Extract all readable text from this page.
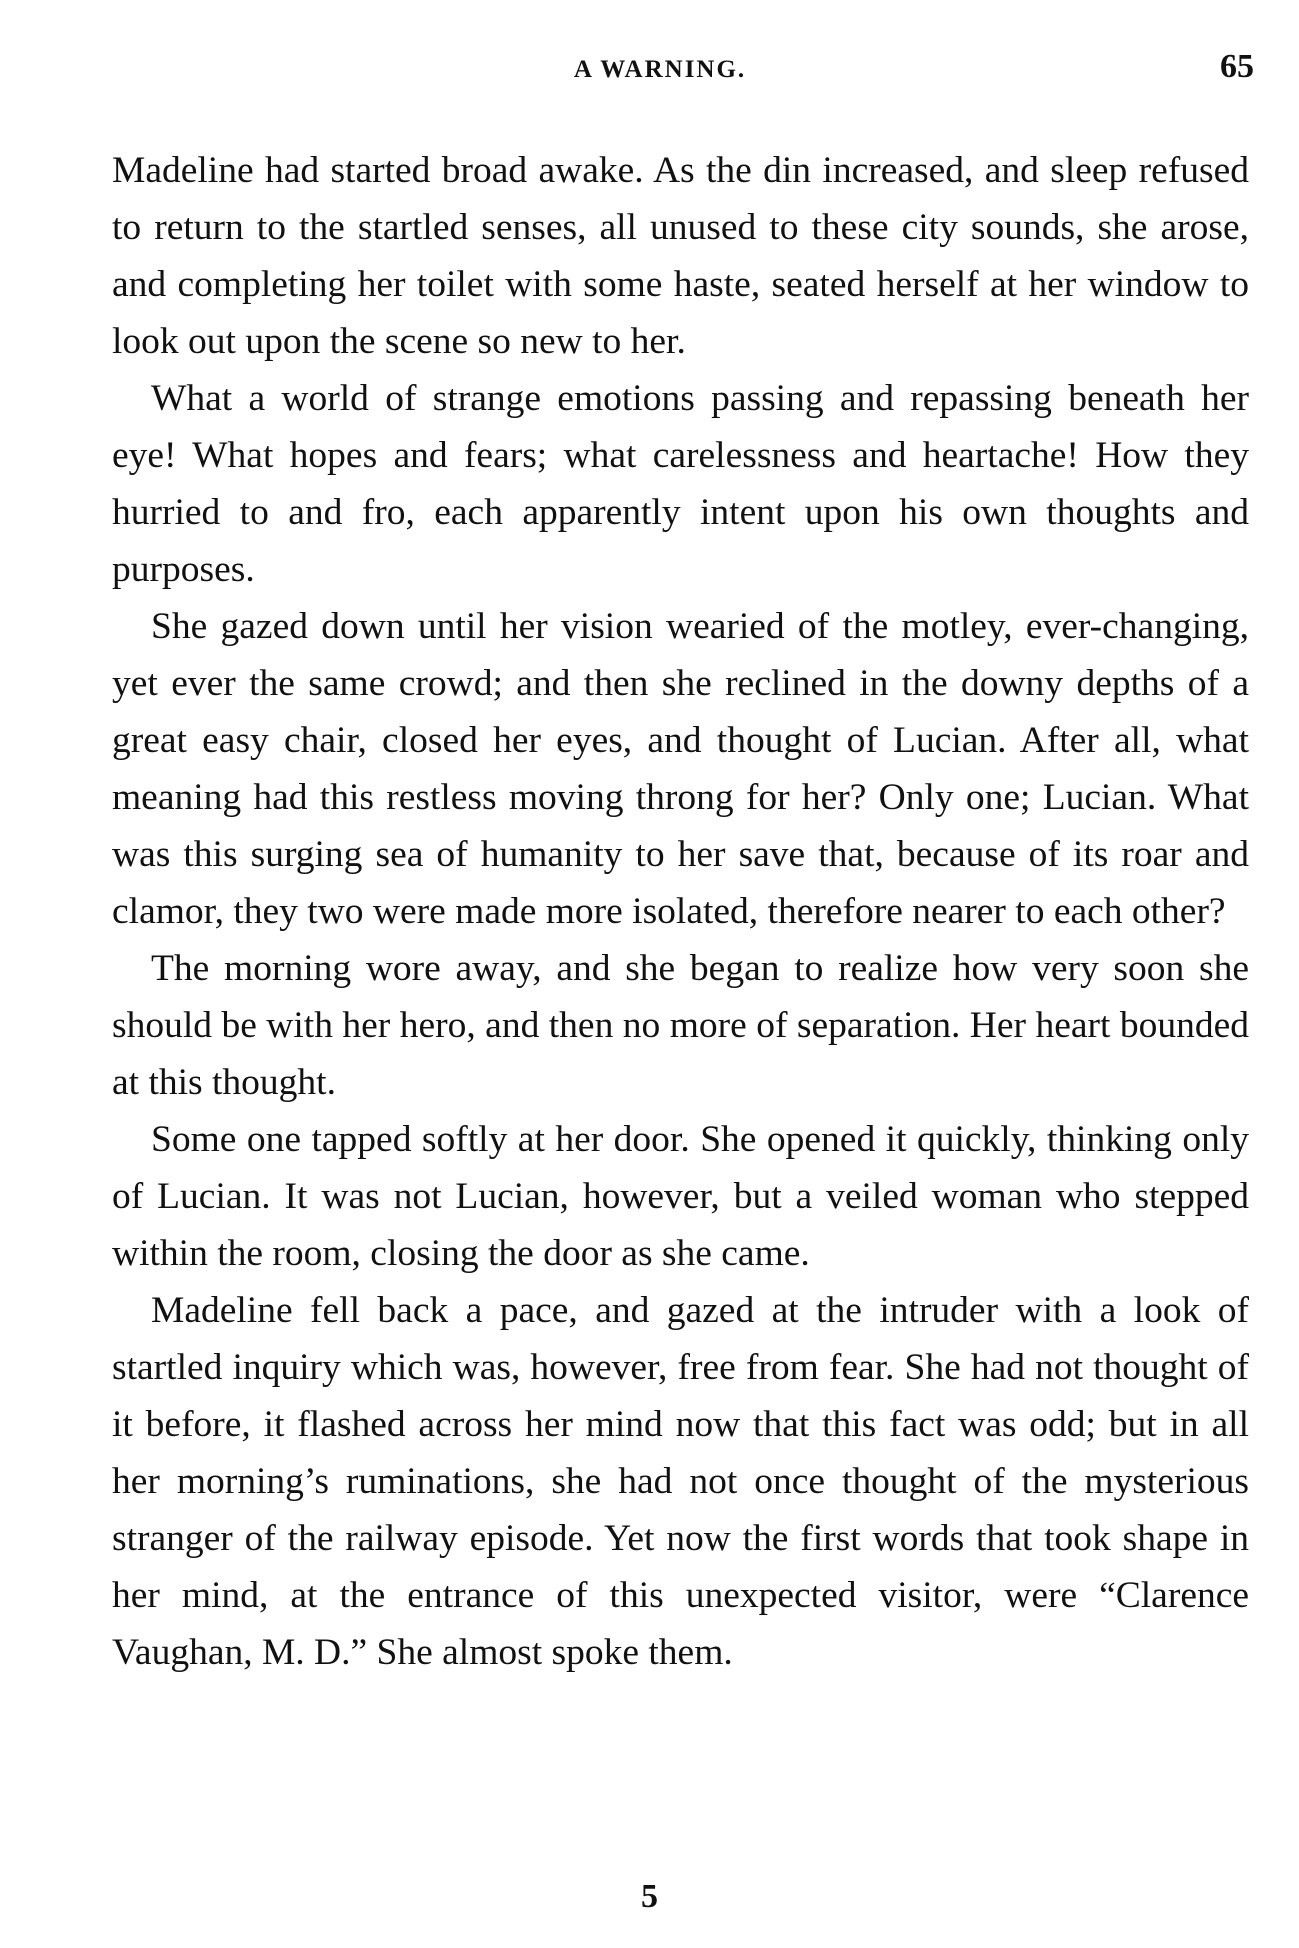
A WARNING.	65

Madeline had started broad awake. As the din increased, and sleep refused to return to the startled senses, all unused to these city sounds, she arose, and completing her toilet with some haste, seated herself at her window to look out upon the scene so new to her.

What a world of strange emotions passing and repassing beneath her eye! What hopes and fears; what carelessness and heartache! How they hurried to and fro, each apparently intent upon his own thoughts and purposes.

She gazed down until her vision wearied of the motley, ever-changing, yet ever the same crowd; and then she reclined in the downy depths of a great easy chair, closed her eyes, and thought of Lucian. After all, what meaning had this restless moving throng for her? Only one; Lucian. What was this surging sea of humanity to her save that, because of its roar and clamor, they two were made more isolated, therefore nearer to each other?

The morning wore away, and she began to realize how very soon she should be with her hero, and then no more of separation. Her heart bounded at this thought.

Some one tapped softly at her door. She opened it quickly, thinking only of Lucian. It was not Lucian, however, but a veiled woman who stepped within the room, closing the door as she came.

Madeline fell back a pace, and gazed at the intruder with a look of startled inquiry which was, however, free from fear. She had not thought of it before, it flashed across her mind now that this fact was odd; but in all her morning’s ruminations, she had not once thought of the mysterious stranger of the railway episode. Yet now the first words that took shape in her mind, at the entrance of this unexpected visitor, were “Clarence Vaughan, M. D.” She almost spoke them.

5
